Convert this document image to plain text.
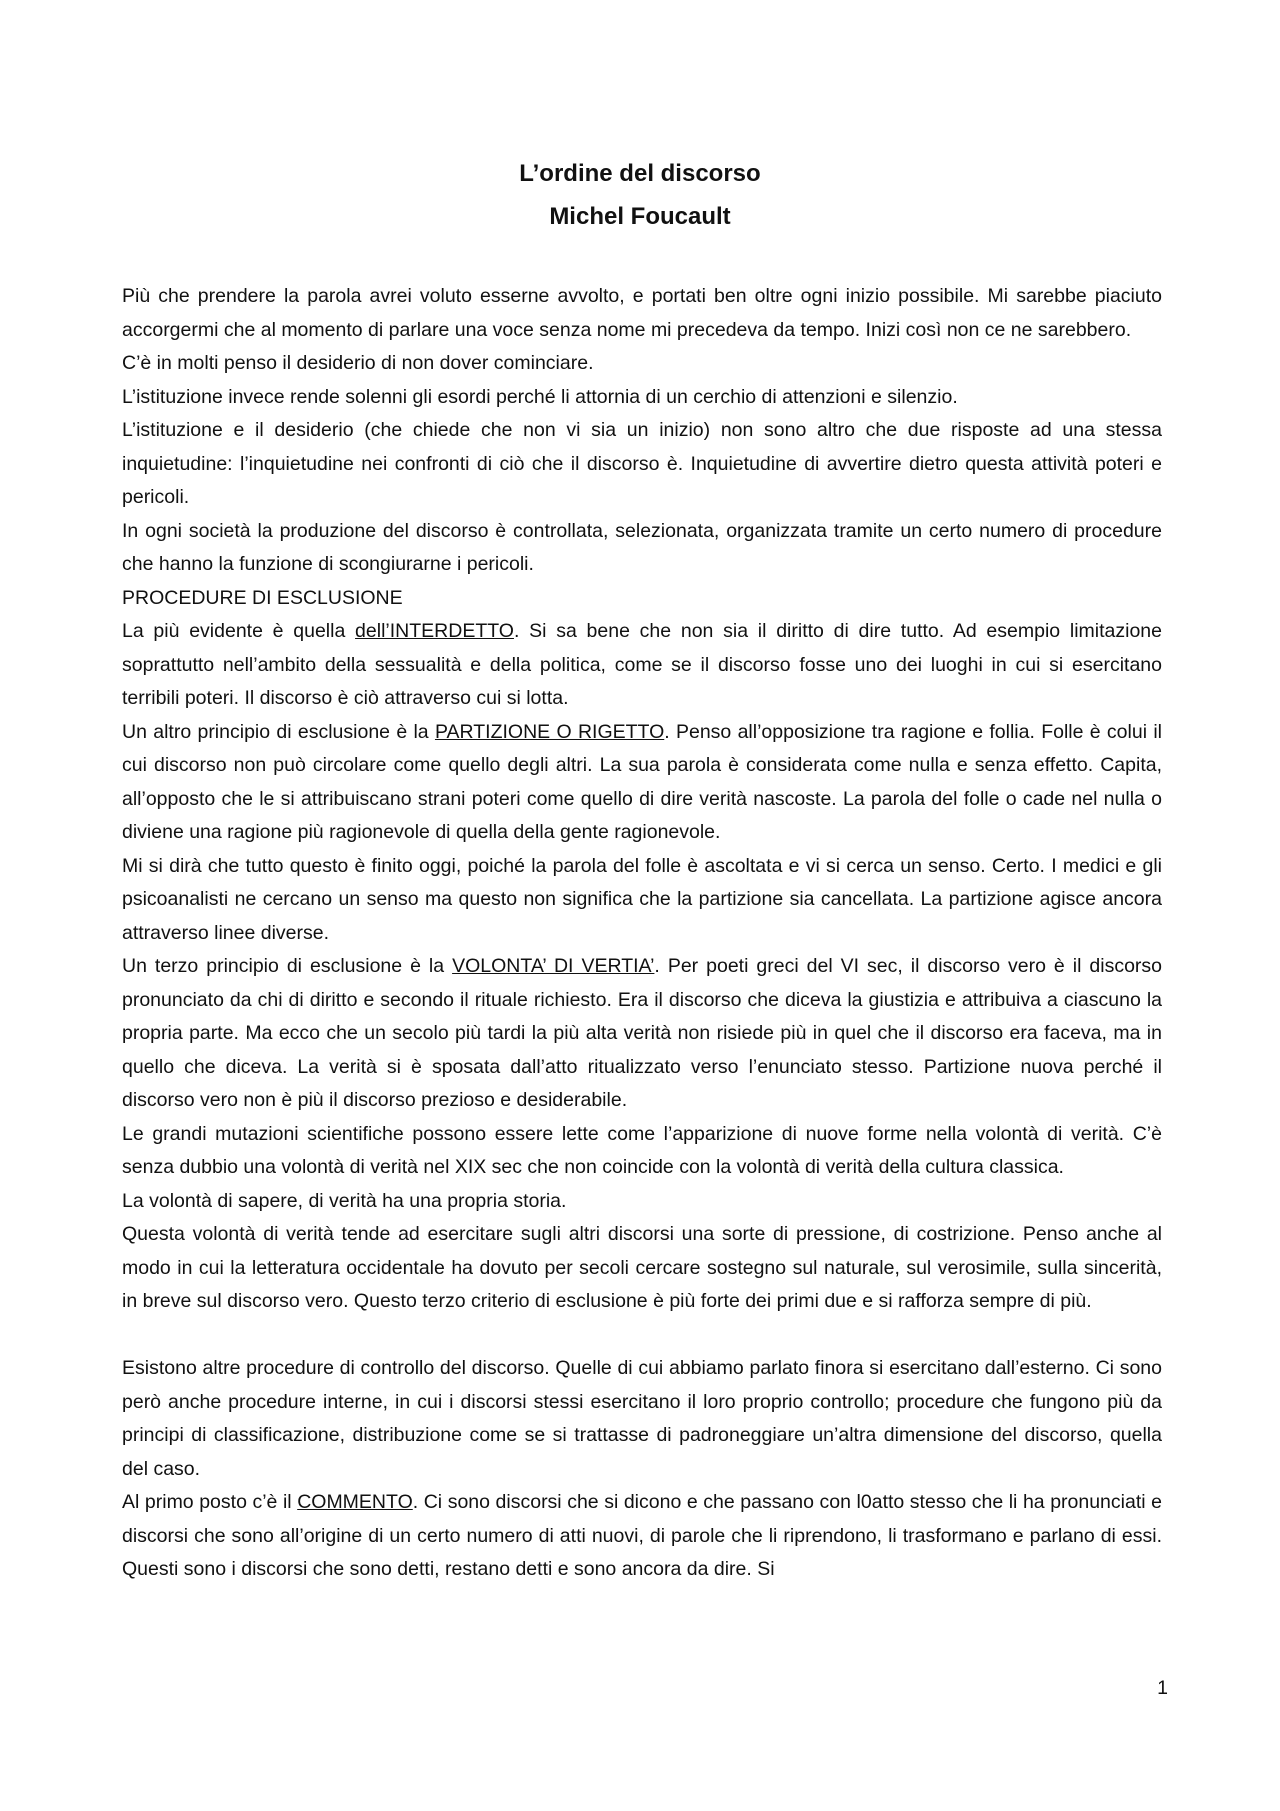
L’ordine del discorso

Michel Foucault

Più che prendere la parola avrei voluto esserne avvolto, e portati ben oltre ogni inizio possibile. Mi sarebbe piaciuto accorgermi che al momento di parlare una voce senza nome mi precedeva da tempo. Inizi così non ce ne sarebbero.

C’è in molti penso il desiderio di non dover cominciare.

L’istituzione invece rende solenni gli esordi perché li attornia di un cerchio di attenzioni e silenzio.

L’istituzione e il desiderio (che chiede che non vi sia un inizio) non sono altro che due risposte ad una stessa inquietudine: l’inquietudine nei confronti di ciò che il discorso è. Inquietudine di avvertire dietro questa attività poteri e pericoli.

In ogni società la produzione del discorso è controllata, selezionata, organizzata tramite un certo numero di procedure che hanno la funzione di scongiurarne i pericoli.

PROCEDURE DI ESCLUSIONE

La più evidente è quella dell’INTERDETTO. Si sa bene che non sia il diritto di dire tutto. Ad esempio limitazione soprattutto nell’ambito della sessualità e della politica, come se il discorso fosse uno dei luoghi in cui si esercitano terribili poteri. Il discorso è ciò attraverso cui si lotta.

Un altro principio di esclusione è la PARTIZIONE O RIGETTO. Penso all’opposizione tra ragione e follia. Folle è colui il cui discorso non può circolare come quello degli altri. La sua parola è considerata come nulla e senza effetto. Capita, all’opposto che le si attribuiscano strani poteri come quello di dire verità nascoste. La parola del folle o cade nel nulla o diviene una ragione più ragionevole di quella della gente ragionevole.

Mi si dirà che tutto questo è finito oggi, poiché la parola del folle è ascoltata e vi si cerca un senso. Certo. I medici e gli psicoanalisti ne cercano un senso ma questo non significa che la partizione sia cancellata. La partizione agisce ancora attraverso linee diverse.

Un terzo principio di esclusione è la VOLONTA’ DI VERTIA’. Per poeti greci del VI sec, il discorso vero è il discorso pronunciato da chi di diritto e secondo il rituale richiesto. Era il discorso che diceva la giustizia e attribuiva a ciascuno la propria parte. Ma ecco che un secolo più tardi la più alta verità non risiede più in quel che il discorso era faceva, ma in quello che diceva. La verità si è sposata dall’atto ritualizzato verso l’enunciato stesso. Partizione nuova perché il discorso vero non è più il discorso prezioso e desiderabile.

Le grandi mutazioni scientifiche possono essere lette come l’apparizione di nuove forme nella volontà di verità. C’è senza dubbio una volontà di verità nel XIX sec che non coincide con la volontà di verità della cultura classica.

La volontà di sapere, di verità ha una propria storia.

Questa volontà di verità tende ad esercitare sugli altri discorsi una sorte di pressione, di costrizione. Penso anche al modo in cui la letteratura occidentale ha dovuto per secoli cercare sostegno sul naturale, sul verosimile, sulla sincerità, in breve sul discorso vero. Questo terzo criterio di esclusione è più forte dei primi due e si rafforza sempre di più.

Esistono altre procedure di controllo del discorso. Quelle di cui abbiamo parlato finora si esercitano dall’esterno. Ci sono però anche procedure interne, in cui i discorsi stessi esercitano il loro proprio controllo; procedure che fungono più da principi di classificazione, distribuzione come se si trattasse di padroneggiare un’altra dimensione del discorso, quella del caso.

Al primo posto c’è il COMMENTO. Ci sono discorsi che si dicono e che passano con l0atto stesso che li ha pronunciati e discorsi che sono all’origine di un certo numero di atti nuovi, di parole che li riprendono, li trasformano e parlano di essi. Questi sono i discorsi che sono detti, restano detti e sono ancora da dire. Si

1
